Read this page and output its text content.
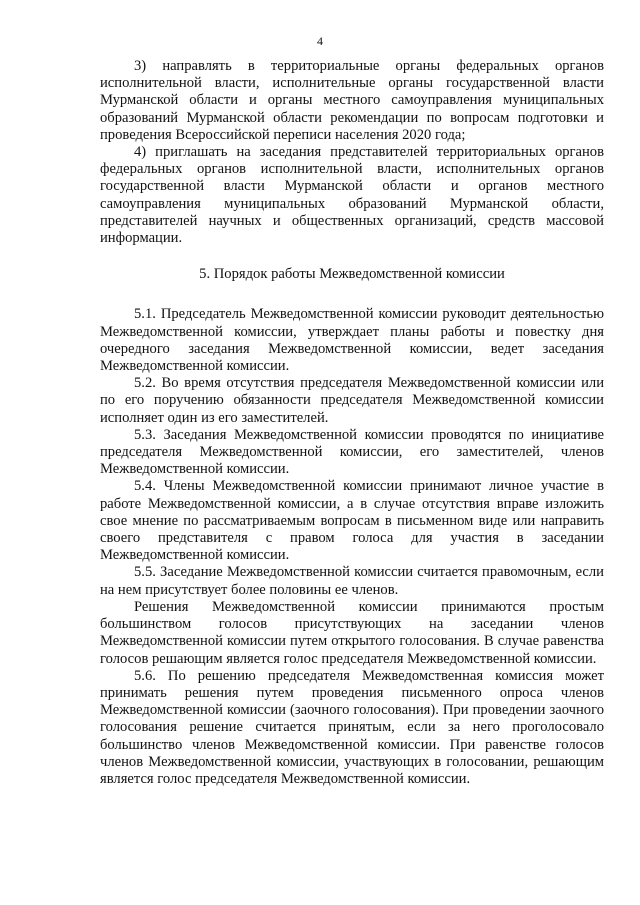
4

3) направлять в территориальные органы федеральных органов исполнительной власти, исполнительные органы государственной власти Мурманской области и органы местного самоуправления муниципальных образований Мурманской области рекомендации по вопросам подготовки и проведения Всероссийской переписи населения 2020 года;

4) приглашать на заседания представителей территориальных органов федеральных органов исполнительной власти, исполнительных органов государственной власти Мурманской области и органов местного самоуправления муниципальных образований Мурманской области, представителей научных и общественных организаций, средств массовой информации.

5. Порядок работы Межведомственной комиссии

5.1. Председатель Межведомственной комиссии руководит деятельностью Межведомственной комиссии, утверждает планы работы и повестку дня очередного заседания Межведомственной комиссии, ведет заседания Межведомственной комиссии.

5.2. Во время отсутствия председателя Межведомственной комиссии или по его поручению обязанности председателя Межведомственной комиссии исполняет один из его заместителей.

5.3. Заседания Межведомственной комиссии проводятся по инициативе председателя Межведомственной комиссии, его заместителей, членов Межведомственной комиссии.

5.4. Члены Межведомственной комиссии принимают личное участие в работе Межведомственной комиссии, а в случае отсутствия вправе изложить свое мнение по рассматриваемым вопросам в письменном виде или направить своего представителя с правом голоса для участия в заседании Межведомственной комиссии.

5.5. Заседание Межведомственной комиссии считается правомочным, если на нем присутствует более половины ее членов.

Решения Межведомственной комиссии принимаются простым большинством голосов присутствующих на заседании членов Межведомственной комиссии путем открытого голосования. В случае равенства голосов решающим является голос председателя Межведомственной комиссии.

5.6. По решению председателя Межведомственная комиссия может принимать решения путем проведения письменного опроса членов Межведомственной комиссии (заочного голосования). При проведении заочного голосования решение считается принятым, если за него проголосовало большинство членов Межведомственной комиссии. При равенстве голосов членов Межведомственной комиссии, участвующих в голосовании, решающим является голос председателя Межведомственной комиссии.
